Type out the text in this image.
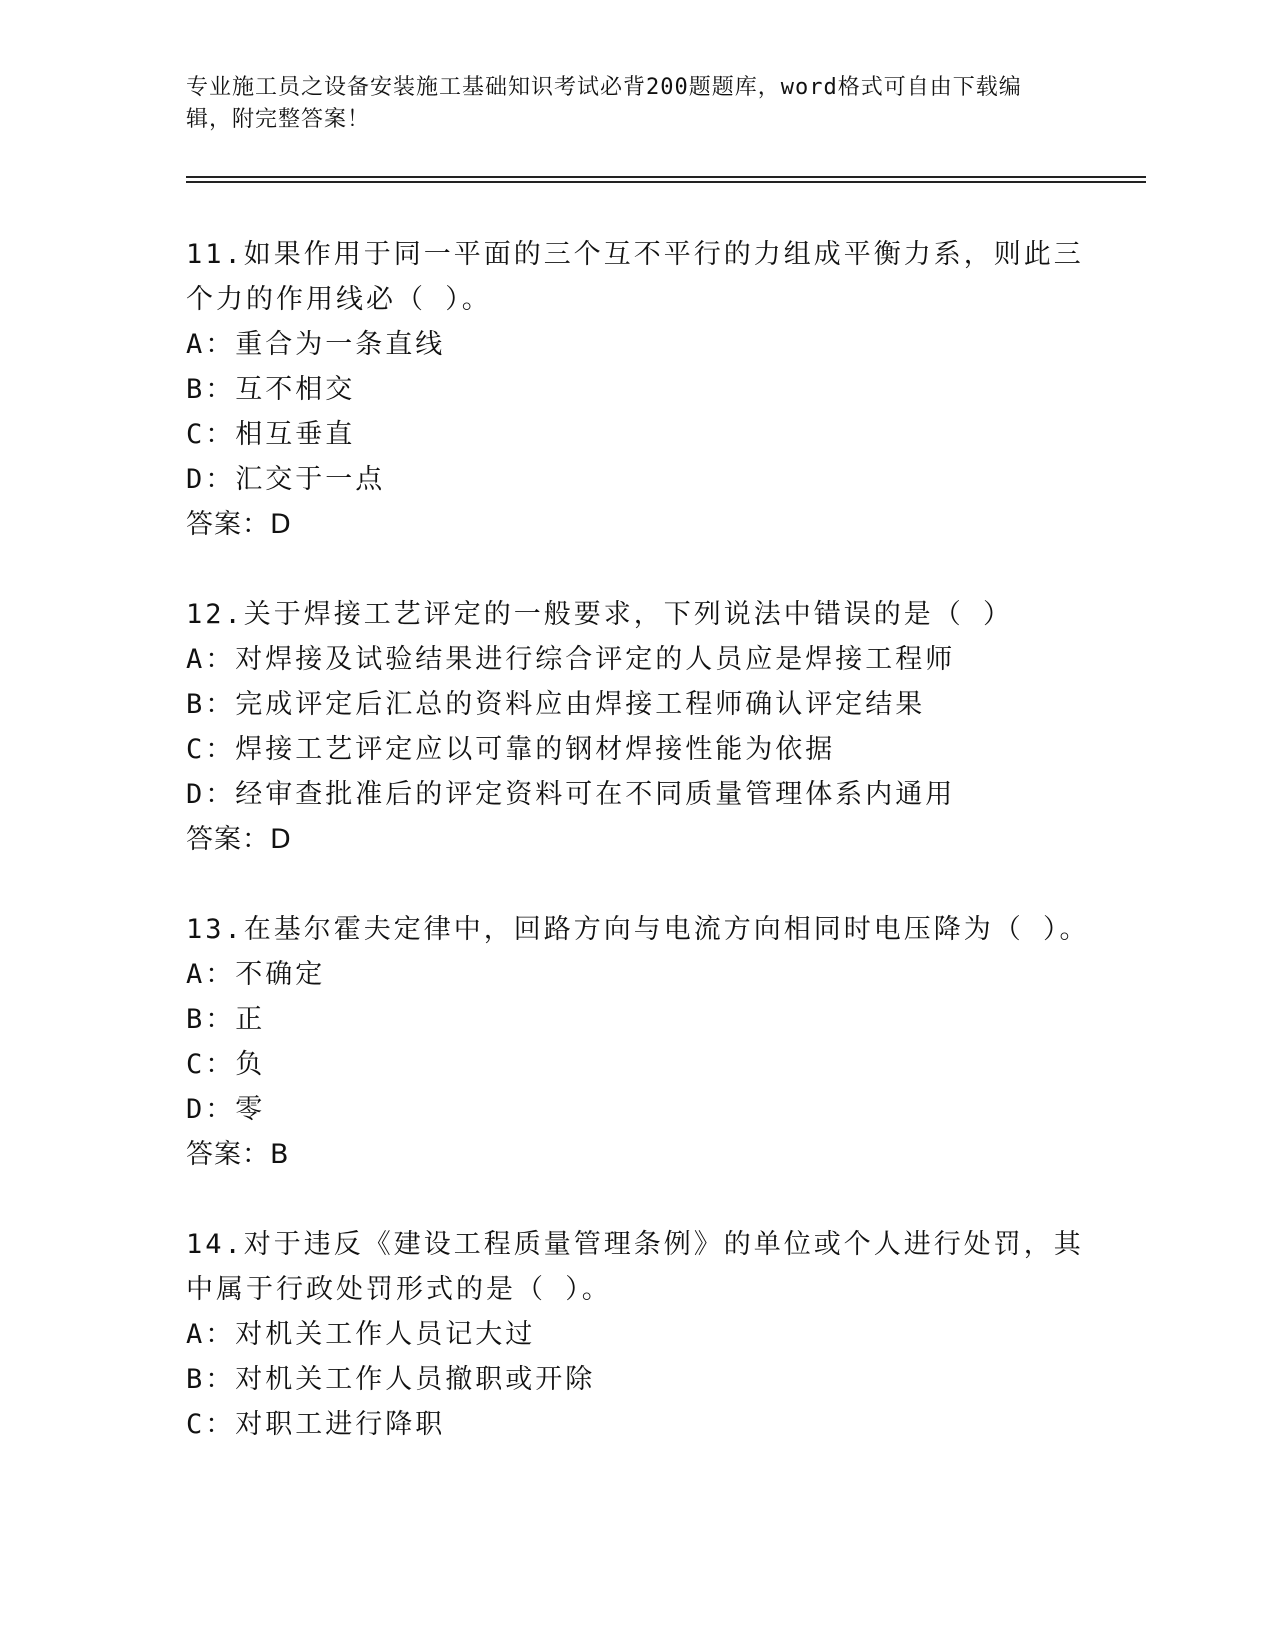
专业施工员之设备安装施工基础知识考试必背200题题库，word格式可自由下载编辑，附完整答案！
11.如果作用于同一平面的三个互不平行的力组成平衡力系，则此三个力的作用线必（ ）。
A：重合为一条直线
B：互不相交
C：相互垂直
D：汇交于一点
答案：D
12.关于焊接工艺评定的一般要求，下列说法中错误的是（ ）
A：对焊接及试验结果进行综合评定的人员应是焊接工程师
B：完成评定后汇总的资料应由焊接工程师确认评定结果
C：焊接工艺评定应以可靠的钢材焊接性能为依据
D：经审查批准后的评定资料可在不同质量管理体系内通用
答案：D
13.在基尔霍夫定律中，回路方向与电流方向相同时电压降为（ ）。
A：不确定
B：正
C：负
D：零
答案：B
14.对于违反《建设工程质量管理条例》的单位或个人进行处罚，其中属于行政处罚形式的是（ ）。
A：对机关工作人员记大过
B：对机关工作人员撤职或开除
C：对职工进行降职
